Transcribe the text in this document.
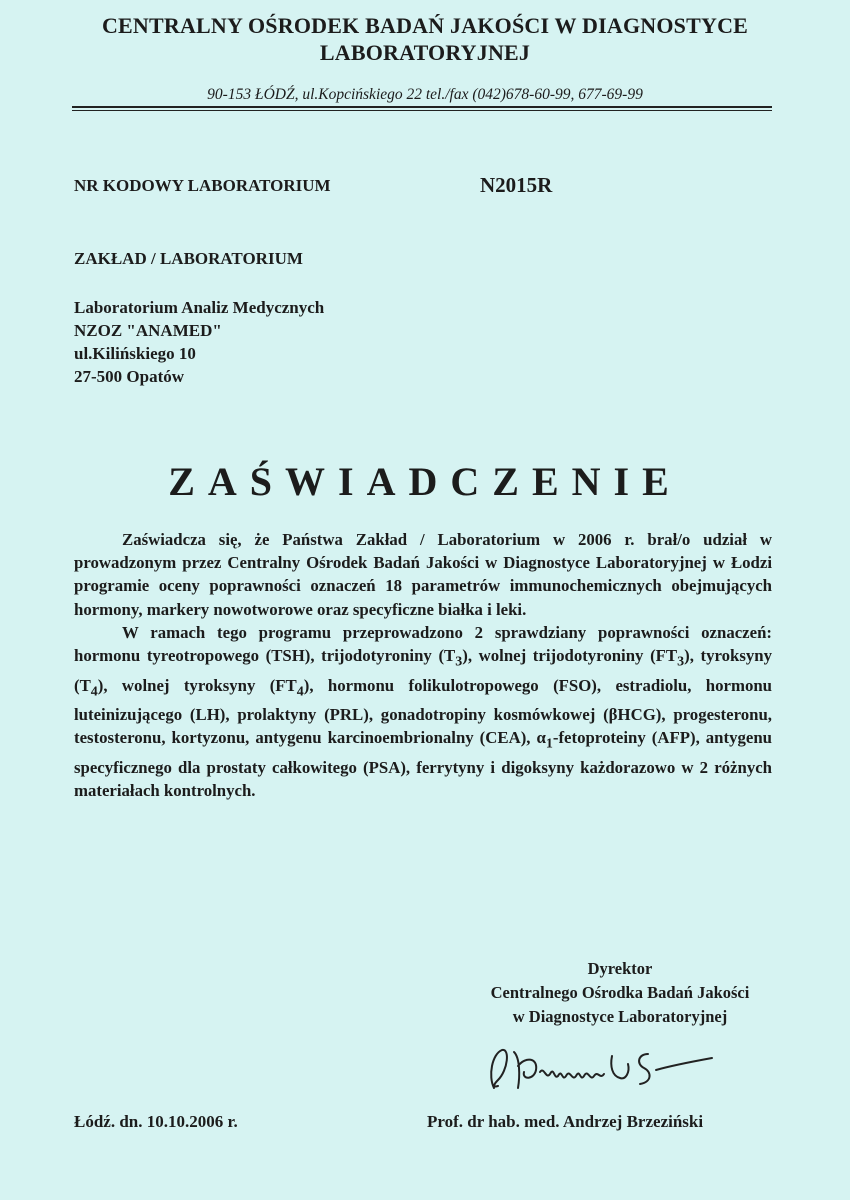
CENTRALNY OŚRODEK BADAŃ JAKOŚCI W DIAGNOSTYCE
LABORATORYJNEJ
90-153 ŁÓDŹ, ul.Kopcińskiego 22 tel./fax (042)678-60-99, 677-69-99
NR KODOWY LABORATORIUM	N2015R
ZAKŁAD / LABORATORIUM
Laboratorium Analiz Medycznych
NZOZ "ANAMED"
ul.Kilińskiego 10
27-500 Opatów
ZAŚWIADCZENIE

Zaświadcza się, że Państwa Zakład / Laboratorium w 2006 r. brał/o udział w prowadzonym przez Centralny Ośrodek Badań Jakości w Diagnostyce Laboratoryjnej w Łodzi programie oceny poprawności oznaczeń 18 parametrów immunochemicznych obejmujących hormony, markery nowotworowe oraz specyficzne białka i leki.

W ramach tego programu przeprowadzono 2 sprawdziany poprawności oznaczeń: hormonu tyreotropowego (TSH), trijodotyroniny $(T_3)$, wolnej trijodotyroniny $(FT_3)$, tyroksyny $(T_4)$, wolnej tyroksyny $(FT_4)$, hormonu folikulotropowego (FSO), estradiolu, hormonu luteinizującego (LH), prolaktyny (PRL), gonadotropiny kosmówkowej (βHCG), progesteronu, testosteronu, kortyzonu, antygenu karcinoembrionalny (CEA), $\alpha_1$-fetoproteiny (AFP), antygenu specyficznego dla prostaty całkowitego (PSA), ferrytyny i digoksyny każdorazowo w 2 różnych materiałach kontrolnych.

Dyrektor
Centralnego Ośrodka Badań Jakości
w Diagnostyce Laboratoryjnej
Łódź. dn. 10.10.2006 r.	Prof. dr hab. med. Andrzej Brzeziński
